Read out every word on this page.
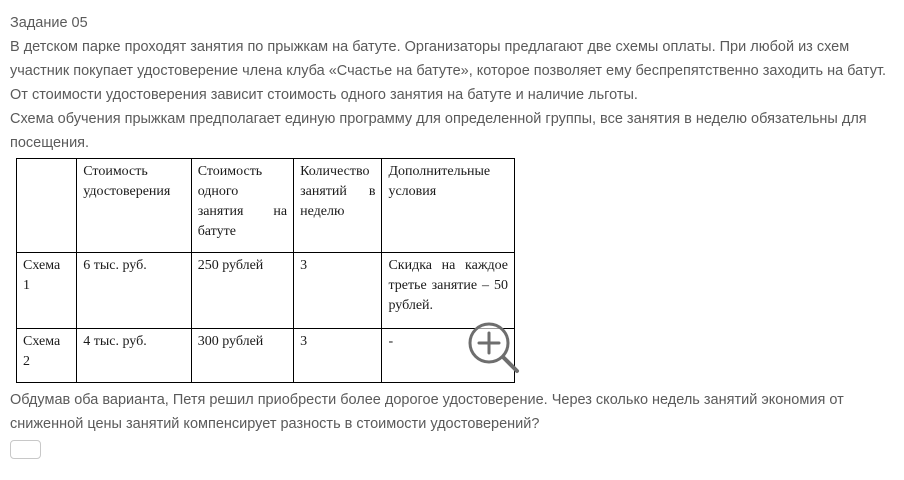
Задание 05

В детском парке проходят занятия по прыжкам на батуте. Организаторы предлагают две схемы оплаты. При любой из схем участник покупает удостоверение члена клуба «Счастье на батуте», которое позволяет ему беспрепятственно заходить на батут. От стоимости удостоверения зависит стоимость одного занятия на батуте и наличие льготы.

Схема обучения прыжкам предполагает единую программу для определенной группы, все занятия в неделю обязательны для посещения.

	Стоимость удостоверения	Стоимость одного занятия на батуте	Количество занятий в неделю	Дополнительные условия
Схема 1	6 тыс. руб.	250 рублей	3	Скидка на каждое третье занятие – 50 рублей.
Схема 2	4 тыс. руб.	300 рублей	3	-

Обдумав оба варианта, Петя решил приобрести более дорогое удостоверение. Через сколько недель занятий экономия от сниженной цены занятий компенсирует разность в стоимости удостоверений?
